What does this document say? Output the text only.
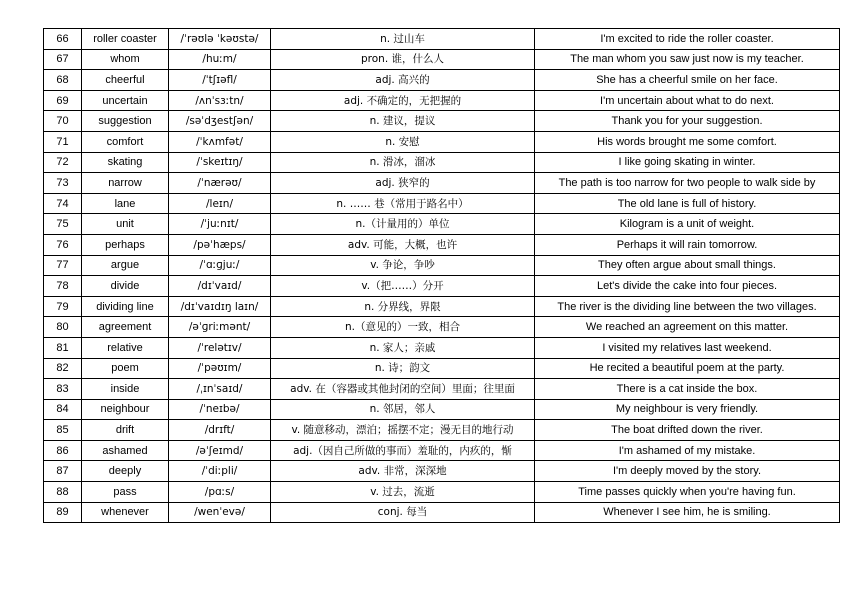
66	roller coaster	/ˈrəʊlə ˈkəʊstə/	n. 过山车	I'm excited to ride the roller coaster.
67	whom	/huːm/	pron. 谁，什么人	The man whom you saw just now is my teacher.
68	cheerful	/ˈtʃɪəfl/	adj. 高兴的	She has a cheerful smile on her face.
69	uncertain	/ʌnˈsɜːtn/	adj. 不确定的，无把握的	I'm uncertain about what to do next.
70	suggestion	/səˈdʒestʃən/	n. 建议，提议	Thank you for your suggestion.
71	comfort	/ˈkʌmfət/	n. 安慰	His words brought me some comfort.
72	skating	/ˈskeɪtɪŋ/	n. 滑冰，溜冰	I like going skating in winter.
73	narrow	/ˈnærəʊ/	adj. 狭窄的	The path is too narrow for two people to walk side by
74	lane	/leɪn/	n. …… 巷（常用于路名中）	The old lane is full of history.
75	unit	/ˈjuːnɪt/	n.（计量用的）单位	Kilogram is a unit of weight.
76	perhaps	/pəˈhæps/	adv. 可能，大概，也许	Perhaps it will rain tomorrow.
77	argue	/ˈɑːɡjuː/	v. 争论，争吵	They often argue about small things.
78	divide	/dɪˈvaɪd/	v.（把……）分开	Let's divide the cake into four pieces.
79	dividing line	/dɪˈvaɪdɪŋ laɪn/	n. 分界线，界限	The river is the dividing line between the two villages.
80	agreement	/əˈɡriːmənt/	n.（意见的）一致，相合	We reached an agreement on this matter.
81	relative	/ˈrelətɪv/	n. 家人；亲戚	I visited my relatives last weekend.
82	poem	/ˈpəʊɪm/	n. 诗；韵文	He recited a beautiful poem at the party.
83	inside	/ˌɪnˈsaɪd/	adv. 在（容器或其他封闭的空间）里面；往里面	There is a cat inside the box.
84	neighbour	/ˈneɪbə/	n. 邻居，邻人	My neighbour is very friendly.
85	drift	/drɪft/	v. 随意移动，漂泊；摇摆不定；漫无目的地行动	The boat drifted down the river.
86	ashamed	/əˈʃeɪmd/	adj.（因自己所做的事而）羞耻的，内疚的，惭	I'm ashamed of my mistake.
87	deeply	/ˈdiːpli/	adv. 非常，深深地	I'm deeply moved by the story.
88	pass	/pɑːs/	v. 过去，流逝	Time passes quickly when you're having fun.
89	whenever	/wenˈevə/	conj. 每当	Whenever I see him, he is smiling.
